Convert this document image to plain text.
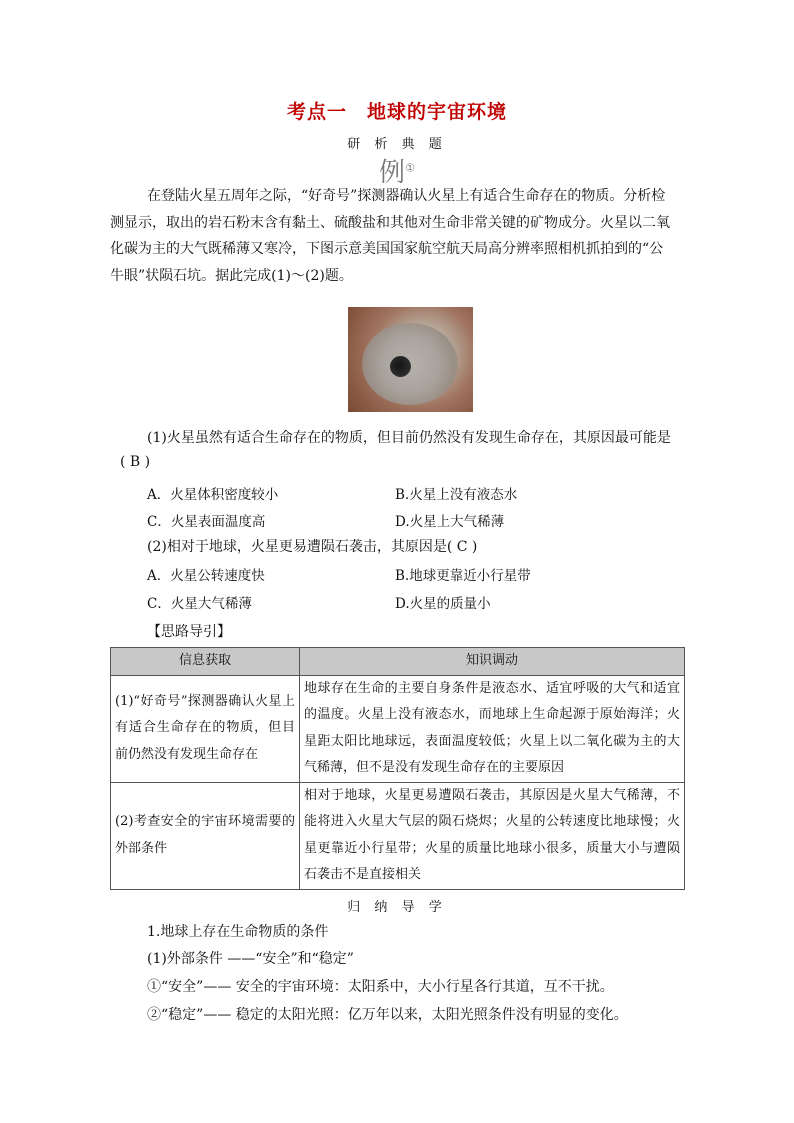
考点一　地球的宇宙环境
研 析 典 题
例①
在登陆火星五周年之际，“好奇号”探测器确认火星上有适合生命存在的物质。分析检
测显示，取出的岩石粉末含有黏土、硫酸盐和其他对生命非常关键的矿物成分。火星以二氧
化碳为主的大气既稀薄又寒冷，下图示意美国国家航空航天局高分辨率照相机抓拍到的“公
牛眼”状陨石坑。据此完成(1)～(2)题。
(1)火星虽然有适合生命存在的物质，但目前仍然没有发现生命存在，其原因最可能是
( B )
A．火星体积密度较小	B.火星上没有液态水
C．火星表面温度高	D.火星上大气稀薄
(2)相对于地球，火星更易遭陨石袭击，其原因是( C )
A．火星公转速度快	B.地球更靠近小行星带
C．火星大气稀薄	D.火星的质量小
【思路导引】
信息获取	知识调动
(1)“好奇号”探测器确认火星上有适合生命存在的物质，但目前仍然没有发现生命存在	地球存在生命的主要自身条件是液态水、适宜呼吸的大气和适宜的温度。火星上没有液态水，而地球上生命起源于原始海洋；火星距太阳比地球远，表面温度较低；火星上以二氧化碳为主的大气稀薄，但不是没有发现生命存在的主要原因
(2)考查安全的宇宙环境需要的外部条件	相对于地球，火星更易遭陨石袭击，其原因是火星大气稀薄，不能将进入火星大气层的陨石烧烬；火星的公转速度比地球慢；火星更靠近小行星带；火星的质量比地球小很多，质量大小与遭陨石袭击不是直接相关
归 纳 导 学
1.地球上存在生命物质的条件
(1)外部条件 ——“安全”和“稳定”
①“安全”—— 安全的宇宙环境：太阳系中，大小行星各行其道，互不干扰。
②“稳定”—— 稳定的太阳光照：亿万年以来，太阳光照条件没有明显的变化。
